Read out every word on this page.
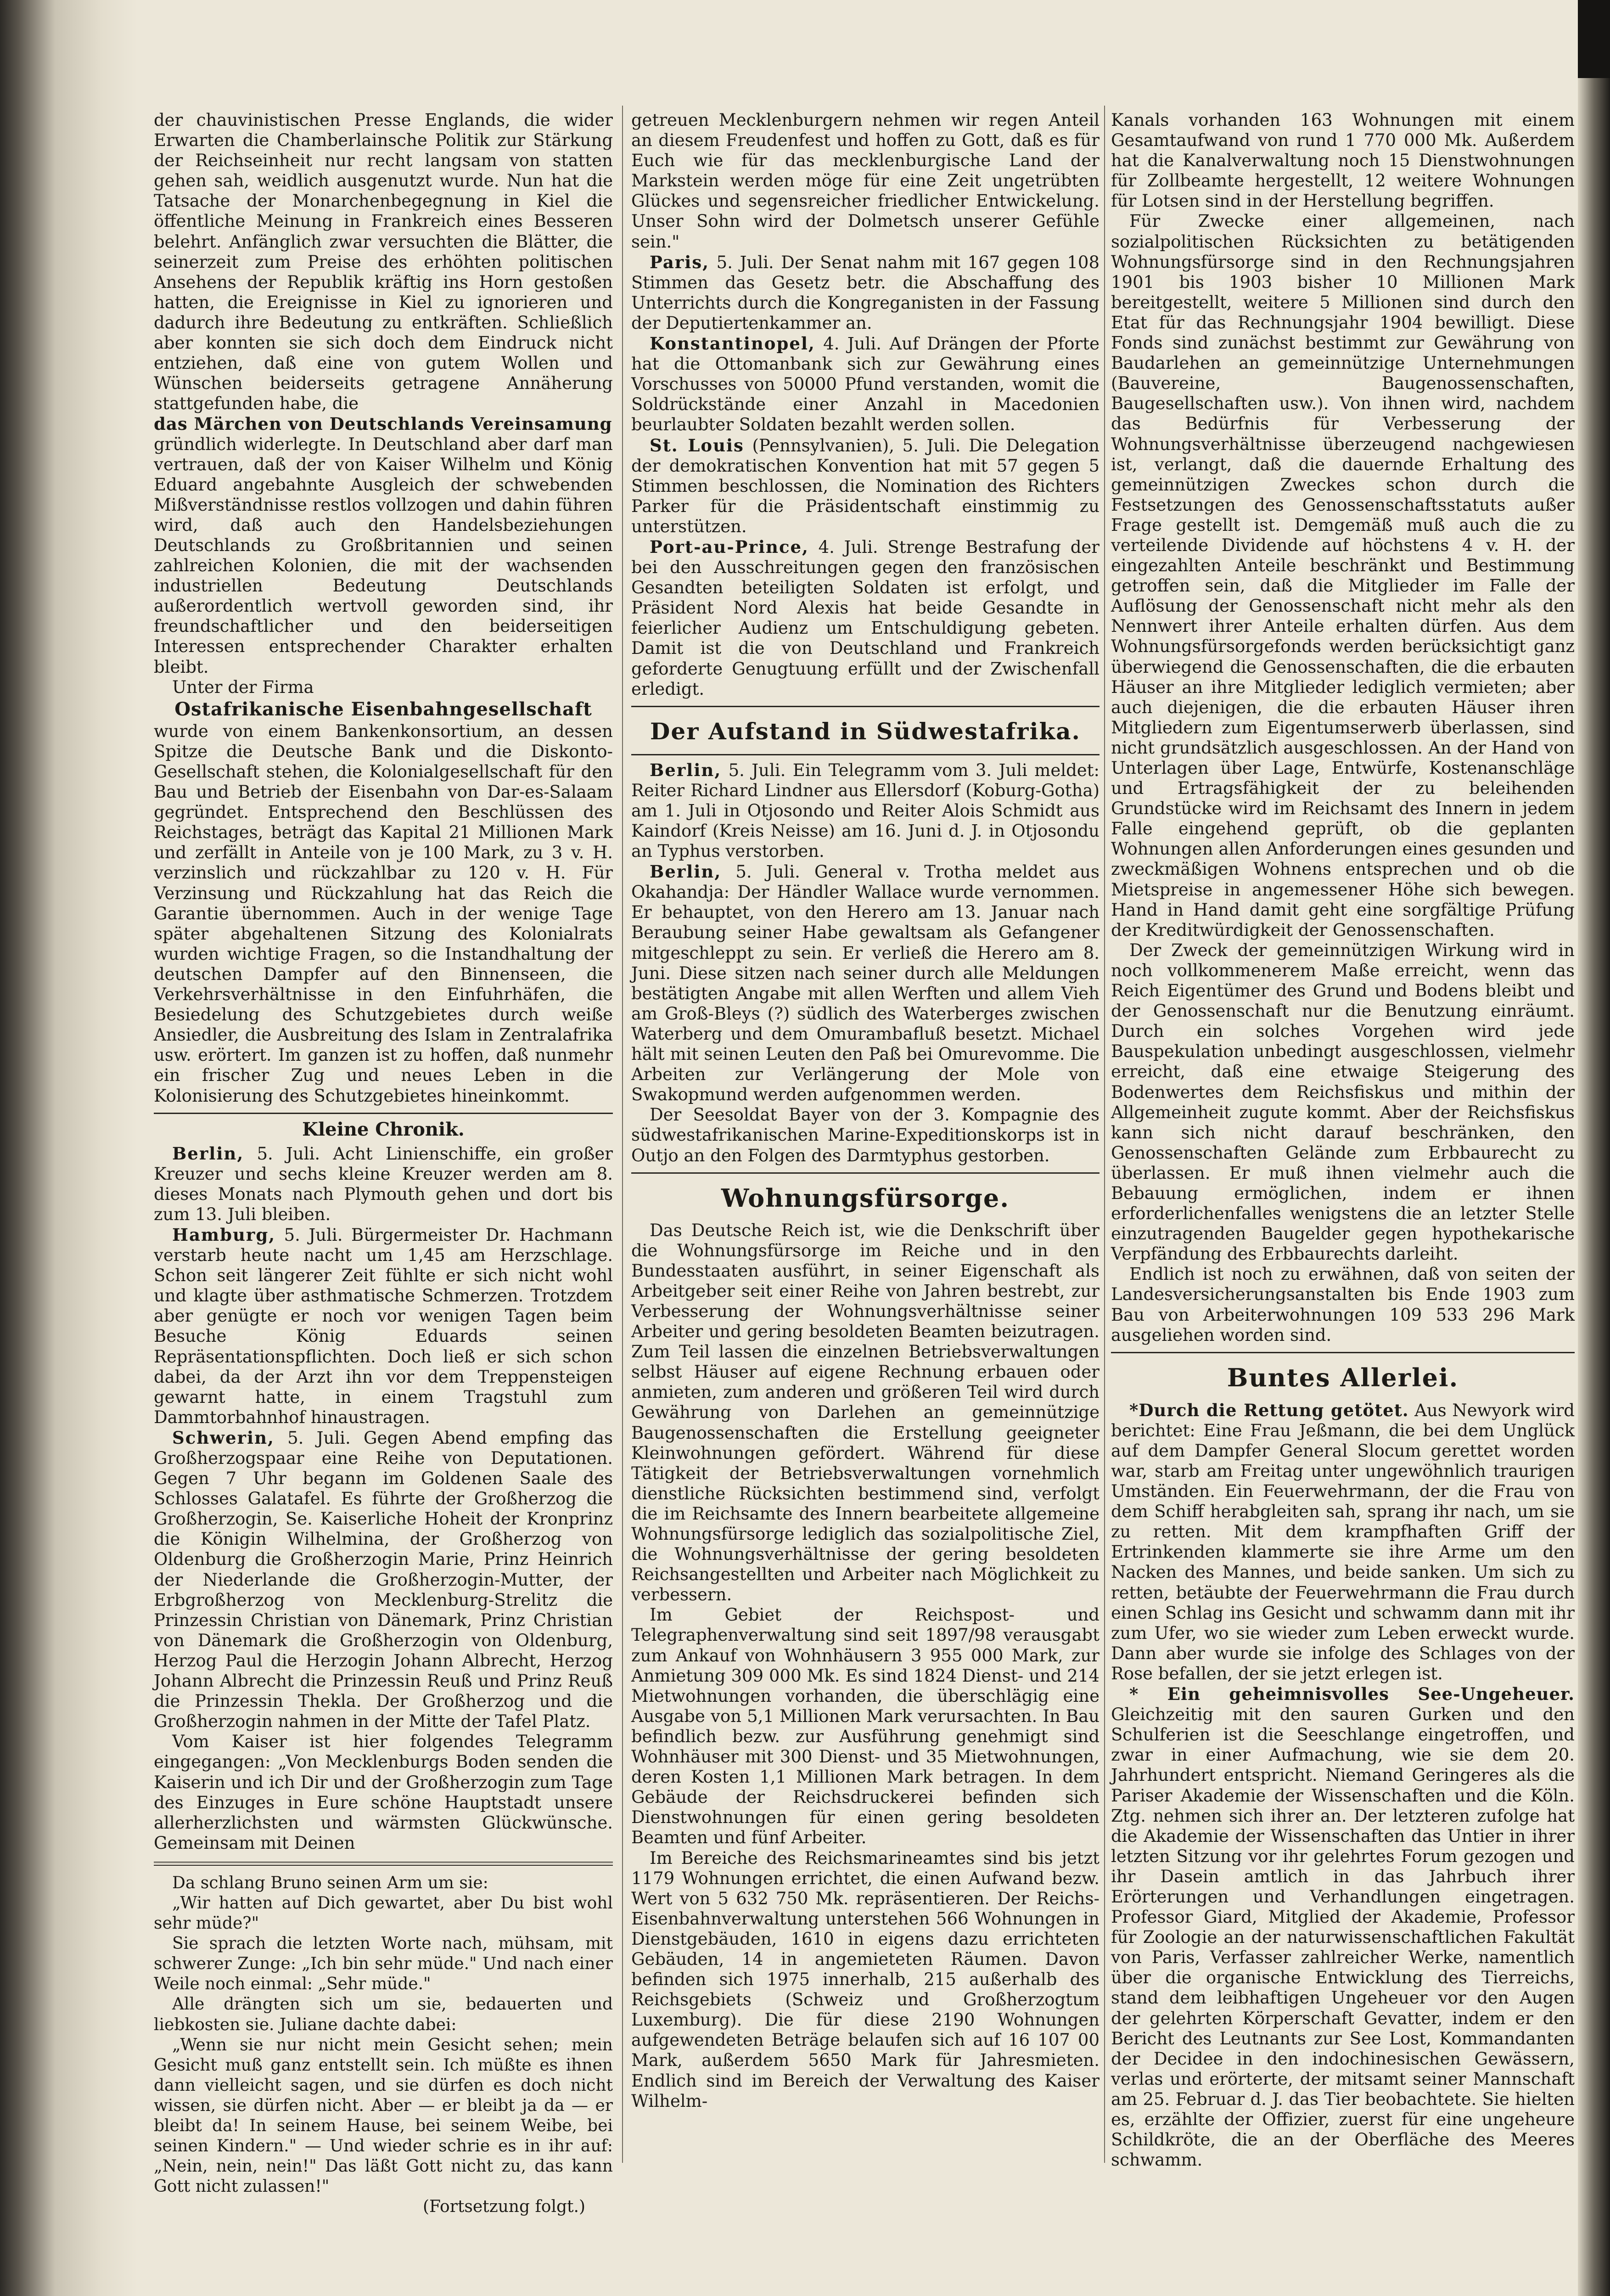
der chauvinistischen Presse Englands, die wider Erwarten die Chamberlainsche Politik zur Stärkung der Reichseinheit nur recht langsam von statten gehen sah, weidlich ausgenutzt wurde. Nun hat die Tatsache der Monarchenbegegnung in Kiel die öffentliche Meinung in Frankreich eines Besseren belehrt. Anfänglich zwar versuchten die Blätter, die seinerzeit zum Preise des erhöhten politischen Ansehens der Republik kräftig ins Horn gestoßen hatten, die Ereignisse in Kiel zu ignorieren und dadurch ihre Bedeutung zu entkräften. Schließlich aber konnten sie sich doch dem Eindruck nicht entziehen, daß eine von gutem Wollen und Wünschen beiderseits getragene Annäherung stattgefunden habe, die

das Märchen von Deutschlands Vereinsamung

gründlich widerlegte. In Deutschland aber darf man vertrauen, daß der von Kaiser Wilhelm und König Eduard angebahnte Ausgleich der schwebenden Mißverständnisse restlos vollzogen und dahin führen wird, daß auch den Handelsbeziehungen Deutschlands zu Großbritannien und seinen zahlreichen Kolonien, die mit der wachsenden industriellen Bedeutung Deutschlands außerordentlich wertvoll geworden sind, ihr freundschaftlicher und den beiderseitigen Interessen entsprechender Charakter erhalten bleibt.

Unter der Firma

Ostafrikanische Eisenbahngesellschaft

wurde von einem Bankenkonsortium, an dessen Spitze die Deutsche Bank und die Diskonto-Gesellschaft stehen, die Kolonialgesellschaft für den Bau und Betrieb der Eisenbahn von Dar-es-Salaam gegründet. Entsprechend den Beschlüssen des Reichstages, beträgt das Kapital 21 Millionen Mark und zerfällt in Anteile von je 100 Mark, zu 3 v. H. verzinslich und rückzahlbar zu 120 v. H. Für Verzinsung und Rückzahlung hat das Reich die Garantie übernommen. Auch in der wenige Tage später abgehaltenen Sitzung des Kolonialrats wurden wichtige Fragen, so die Instandhaltung der deutschen Dampfer auf den Binnenseen, die Verkehrsverhältnisse in den Einfuhrhäfen, die Besiedelung des Schutzgebietes durch weiße Ansiedler, die Ausbreitung des Islam in Zentralafrika usw. erörtert. Im ganzen ist zu hoffen, daß nunmehr ein frischer Zug und neues Leben in die Kolonisierung des Schutzgebietes hineinkommt.

Kleine Chronik.

Berlin, 5. Juli. Acht Linienschiffe, ein großer Kreuzer und sechs kleine Kreuzer werden am 8. dieses Monats nach Plymouth gehen und dort bis zum 13. Juli bleiben.

Hamburg, 5. Juli. Bürgermeister Dr. Hachmann verstarb heute nacht um 1,45 am Herzschlage. Schon seit längerer Zeit fühlte er sich nicht wohl und klagte über asthmatische Schmerzen. Trotzdem aber genügte er noch vor wenigen Tagen beim Besuche König Eduards seinen Repräsentationspflichten. Doch ließ er sich schon dabei, da der Arzt ihn vor dem Treppensteigen gewarnt hatte, in einem Tragstuhl zum Dammtorbahnhof hinaustragen.

Schwerin, 5. Juli. Gegen Abend empfing das Großherzogspaar eine Reihe von Deputationen. Gegen 7 Uhr begann im Goldenen Saale des Schlosses Galatafel. Es führte der Großherzog die Großherzogin, Se. Kaiserliche Hoheit der Kronprinz die Königin Wilhelmina, der Großherzog von Oldenburg die Großherzogin Marie, Prinz Heinrich der Niederlande die Großherzogin-Mutter, der Erbgroßherzog von Mecklenburg-Strelitz die Prinzessin Christian von Dänemark, Prinz Christian von Dänemark die Großherzogin von Oldenburg, Herzog Paul die Herzogin Johann Albrecht, Herzog Johann Albrecht die Prinzessin Reuß und Prinz Reuß die Prinzessin Thekla. Der Großherzog und die Großherzogin nahmen in der Mitte der Tafel Platz.

Vom Kaiser ist hier folgendes Telegramm eingegangen: „Von Mecklenburgs Boden senden die Kaiserin und ich Dir und der Großherzogin zum Tage des Einzuges in Eure schöne Hauptstadt unsere allerherzlichsten und wärmsten Glückwünsche. Gemeinsam mit Deinen

Da schlang Bruno seinen Arm um sie:

„Wir hatten auf Dich gewartet, aber Du bist wohl sehr müde?"

Sie sprach die letzten Worte nach, mühsam, mit schwerer Zunge: „Ich bin sehr müde." Und nach einer Weile noch einmal: „Sehr müde."

Alle drängten sich um sie, bedauerten und liebkosten sie. Juliane dachte dabei:

„Wenn sie nur nicht mein Gesicht sehen; mein Gesicht muß ganz entstellt sein. Ich müßte es ihnen dann vielleicht sagen, und sie dürfen es doch nicht wissen, sie dürfen nicht. Aber — er bleibt ja da — er bleibt da! In seinem Hause, bei seinem Weibe, bei seinen Kindern." — Und wieder schrie es in ihr auf: „Nein, nein, nein!" Das läßt Gott nicht zu, das kann Gott nicht zulassen!"

(Fortsetzung folgt.)

getreuen Mecklenburgern nehmen wir regen Anteil an diesem Freudenfest und hoffen zu Gott, daß es für Euch wie für das mecklenburgische Land der Markstein werden möge für eine Zeit ungetrübten Glückes und segensreicher friedlicher Entwickelung. Unser Sohn wird der Dolmetsch unserer Gefühle sein."

Paris, 5. Juli. Der Senat nahm mit 167 gegen 108 Stimmen das Gesetz betr. die Abschaffung des Unterrichts durch die Kongreganisten in der Fassung der Deputiertenkammer an.

Konstantinopel, 4. Juli. Auf Drängen der Pforte hat die Ottomanbank sich zur Gewährung eines Vorschusses von 50000 Pfund verstanden, womit die Soldrückstände einer Anzahl in Macedonien beurlaubter Soldaten bezahlt werden sollen.

St. Louis (Pennsylvanien), 5. Juli. Die Delegation der demokratischen Konvention hat mit 57 gegen 5 Stimmen beschlossen, die Nomination des Richters Parker für die Präsidentschaft einstimmig zu unterstützen.

Port-au-Prince, 4. Juli. Strenge Bestrafung der bei den Ausschreitungen gegen den französischen Gesandten beteiligten Soldaten ist erfolgt, und Präsident Nord Alexis hat beide Gesandte in feierlicher Audienz um Entschuldigung gebeten. Damit ist die von Deutschland und Frankreich geforderte Genugtuung erfüllt und der Zwischenfall erledigt.

Der Aufstand in Südwestafrika.

Berlin, 5. Juli. Ein Telegramm vom 3. Juli meldet: Reiter Richard Lindner aus Ellersdorf (Koburg-Gotha) am 1. Juli in Otjosondo und Reiter Alois Schmidt aus Kaindorf (Kreis Neisse) am 16. Juni d. J. in Otjosondu an Typhus verstorben.

Berlin, 5. Juli. General v. Trotha meldet aus Okahandja: Der Händler Wallace wurde vernommen. Er behauptet, von den Herero am 13. Januar nach Beraubung seiner Habe gewaltsam als Gefangener mitgeschleppt zu sein. Er verließ die Herero am 8. Juni. Diese sitzen nach seiner durch alle Meldungen bestätigten Angabe mit allen Werften und allem Vieh am Groß-Bleys (?) südlich des Waterberges zwischen Waterberg und dem Omurambafluß besetzt. Michael hält mit seinen Leuten den Paß bei Omurevomme. Die Arbeiten zur Verlängerung der Mole von Swakopmund werden aufgenommen werden.

Der Seesoldat Bayer von der 3. Kompagnie des südwestafrikanischen Marine-Expeditionskorps ist in Outjo an den Folgen des Darmtyphus gestorben.

Wohnungsfürsorge.

Das Deutsche Reich ist, wie die Denkschrift über die Wohnungsfürsorge im Reiche und in den Bundesstaaten ausführt, in seiner Eigenschaft als Arbeitgeber seit einer Reihe von Jahren bestrebt, zur Verbesserung der Wohnungsverhältnisse seiner Arbeiter und gering besoldeten Beamten beizutragen. Zum Teil lassen die einzelnen Betriebsverwaltungen selbst Häuser auf eigene Rechnung erbauen oder anmieten, zum anderen und größeren Teil wird durch Gewährung von Darlehen an gemeinnützige Baugenossenschaften die Erstellung geeigneter Kleinwohnungen gefördert. Während für diese Tätigkeit der Betriebsverwaltungen vornehmlich dienstliche Rücksichten bestimmend sind, verfolgt die im Reichsamte des Innern bearbeitete allgemeine Wohnungsfürsorge lediglich das sozialpolitische Ziel, die Wohnungsverhältnisse der gering besoldeten Reichsangestellten und Arbeiter nach Möglichkeit zu verbessern.

Im Gebiet der Reichspost- und Telegraphenverwaltung sind seit 1897/98 verausgabt zum Ankauf von Wohnhäusern 3 955 000 Mark, zur Anmietung 309 000 Mk. Es sind 1824 Dienst- und 214 Mietwohnungen vorhanden, die überschlägig eine Ausgabe von 5,1 Millionen Mark verursachten. In Bau befindlich bezw. zur Ausführung genehmigt sind Wohnhäuser mit 300 Dienst- und 35 Mietwohnungen, deren Kosten 1,1 Millionen Mark betragen. In dem Gebäude der Reichsdruckerei befinden sich Dienstwohnungen für einen gering besoldeten Beamten und fünf Arbeiter.

Im Bereiche des Reichsmarineamtes sind bis jetzt 1179 Wohnungen errichtet, die einen Aufwand bezw. Wert von 5 632 750 Mk. repräsentieren. Der Reichs-Eisenbahnverwaltung unterstehen 566 Wohnungen in Dienstgebäuden, 1610 in eigens dazu errichteten Gebäuden, 14 in angemieteten Räumen. Davon befinden sich 1975 innerhalb, 215 außerhalb des Reichsgebiets (Schweiz und Großherzogtum Luxemburg). Die für diese 2190 Wohnungen aufgewendeten Beträge belaufen sich auf 16 107 00 Mark, außerdem 5650 Mark für Jahresmieten. Endlich sind im Bereich der Verwaltung des Kaiser Wilhelm-

Kanals vorhanden 163 Wohnungen mit einem Gesamtaufwand von rund 1 770 000 Mk. Außerdem hat die Kanalverwaltung noch 15 Dienstwohnungen für Zollbeamte hergestellt, 12 weitere Wohnungen für Lotsen sind in der Herstellung begriffen.

Für Zwecke einer allgemeinen, nach sozialpolitischen Rücksichten zu betätigenden Wohnungsfürsorge sind in den Rechnungsjahren 1901 bis 1903 bisher 10 Millionen Mark bereitgestellt, weitere 5 Millionen sind durch den Etat für das Rechnungsjahr 1904 bewilligt. Diese Fonds sind zunächst bestimmt zur Gewährung von Baudarlehen an gemeinnützige Unternehmungen (Bauvereine, Baugenossenschaften, Baugesellschaften usw.). Von ihnen wird, nachdem das Bedürfnis für Verbesserung der Wohnungsverhältnisse überzeugend nachgewiesen ist, verlangt, daß die dauernde Erhaltung des gemeinnützigen Zweckes schon durch die Festsetzungen des Genossenschaftsstatuts außer Frage gestellt ist. Demgemäß muß auch die zu verteilende Dividende auf höchstens 4 v. H. der eingezahlten Anteile beschränkt und Bestimmung getroffen sein, daß die Mitglieder im Falle der Auflösung der Genossenschaft nicht mehr als den Nennwert ihrer Anteile erhalten dürfen. Aus dem Wohnungsfürsorgefonds werden berücksichtigt ganz überwiegend die Genossenschaften, die die erbauten Häuser an ihre Mitglieder lediglich vermieten; aber auch diejenigen, die die erbauten Häuser ihren Mitgliedern zum Eigentumserwerb überlassen, sind nicht grundsätzlich ausgeschlossen. An der Hand von Unterlagen über Lage, Entwürfe, Kostenanschläge und Ertragsfähigkeit der zu beleihenden Grundstücke wird im Reichsamt des Innern in jedem Falle eingehend geprüft, ob die geplanten Wohnungen allen Anforderungen eines gesunden und zweckmäßigen Wohnens entsprechen und ob die Mietspreise in angemessener Höhe sich bewegen. Hand in Hand damit geht eine sorgfältige Prüfung der Kreditwürdigkeit der Genossenschaften.

Der Zweck der gemeinnützigen Wirkung wird in noch vollkommenerem Maße erreicht, wenn das Reich Eigentümer des Grund und Bodens bleibt und der Genossenschaft nur die Benutzung einräumt. Durch ein solches Vorgehen wird jede Bauspekulation unbedingt ausgeschlossen, vielmehr erreicht, daß eine etwaige Steigerung des Bodenwertes dem Reichsfiskus und mithin der Allgemeinheit zugute kommt. Aber der Reichsfiskus kann sich nicht darauf beschränken, den Genossenschaften Gelände zum Erbbaurecht zu überlassen. Er muß ihnen vielmehr auch die Bebauung ermöglichen, indem er ihnen erforderlichenfalles wenigstens die an letzter Stelle einzutragenden Baugelder gegen hypothekarische Verpfändung des Erbbaurechts darleiht.

Endlich ist noch zu erwähnen, daß von seiten der Landesversicherungsanstalten bis Ende 1903 zum Bau von Arbeiterwohnungen 109 533 296 Mark ausgeliehen worden sind.

Buntes Allerlei.

*Durch die Rettung getötet. Aus Newyork wird berichtet: Eine Frau Jeßmann, die bei dem Unglück auf dem Dampfer General Slocum gerettet worden war, starb am Freitag unter ungewöhnlich traurigen Umständen. Ein Feuerwehrmann, der die Frau von dem Schiff herabgleiten sah, sprang ihr nach, um sie zu retten. Mit dem krampfhaften Griff der Ertrinkenden klammerte sie ihre Arme um den Nacken des Mannes, und beide sanken. Um sich zu retten, betäubte der Feuerwehrmann die Frau durch einen Schlag ins Gesicht und schwamm dann mit ihr zum Ufer, wo sie wieder zum Leben erweckt wurde. Dann aber wurde sie infolge des Schlages von der Rose befallen, der sie jetzt erlegen ist.

* Ein geheimnisvolles See-Ungeheuer. Gleichzeitig mit den sauren Gurken und den Schulferien ist die Seeschlange eingetroffen, und zwar in einer Aufmachung, wie sie dem 20. Jahrhundert entspricht. Niemand Geringeres als die Pariser Akademie der Wissenschaften und die Köln. Ztg. nehmen sich ihrer an. Der letzteren zufolge hat die Akademie der Wissenschaften das Untier in ihrer letzten Sitzung vor ihr gelehrtes Forum gezogen und ihr Dasein amtlich in das Jahrbuch ihrer Erörterungen und Verhandlungen eingetragen. Professor Giard, Mitglied der Akademie, Professor für Zoologie an der naturwissenschaftlichen Fakultät von Paris, Verfasser zahlreicher Werke, namentlich über die organische Entwicklung des Tierreichs, stand dem leibhaftigen Ungeheuer vor den Augen der gelehrten Körperschaft Gevatter, indem er den Bericht des Leutnants zur See Lost, Kommandanten der Decidee in den indochinesischen Gewässern, verlas und erörterte, der mitsamt seiner Mannschaft am 25. Februar d. J. das Tier beobachtete. Sie hielten es, erzählte der Offizier, zuerst für eine ungeheure Schildkröte, die an der Oberfläche des Meeres schwamm.
